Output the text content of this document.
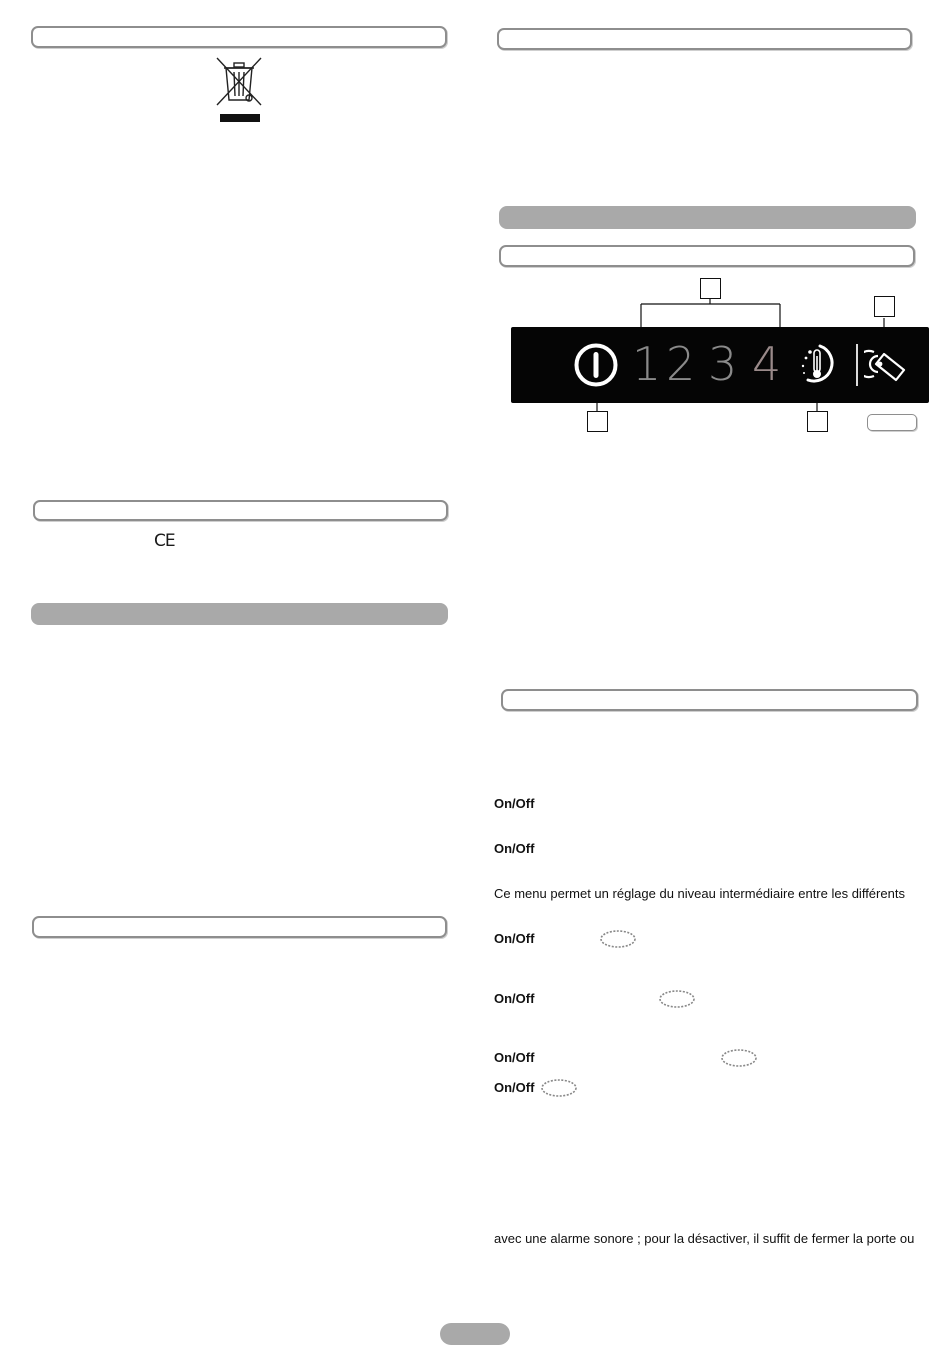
CE
1 2 3 4
On/Off
On/Off
Ce menu permet un réglage du niveau intermédiaire entre les différents
On/Off
On/Off
On/Off
On/Off
avec une alarme sonore ; pour la désactiver, il suffit de fermer la porte ou
